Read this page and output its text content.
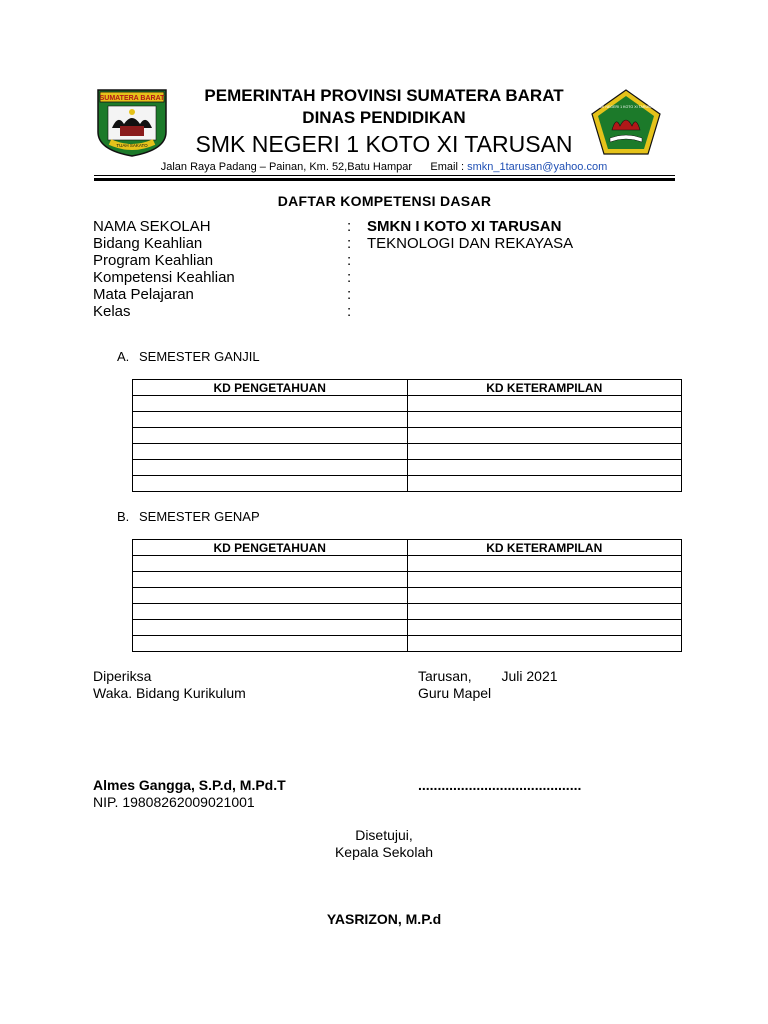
SUMATERA BARAT
TUAH SAKATO
SMK NEGERI 1 KOTO XI TARUSAN
PEMERINTAH PROVINSI SUMATERA BARAT
DINAS PENDIDIKAN
SMK NEGERI 1 KOTO XI TARUSAN
Jalan Raya Padang – Painan, Km. 52,Batu Hampar Email : smkn_1tarusan@yahoo.com
DAFTAR KOMPETENSI DASAR
NAMA SEKOLAH	:	SMKN I KOTO XI TARUSAN
Bidang Keahlian	:	TEKNOLOGI DAN REKAYASA
Program Keahlian	:
Kompetensi Keahlian	:
Mata Pelajaran	:
Kelas	:
A. SEMESTER GANJIL
KD PENGETAHUAN	KD KETERAMPILAN

B. SEMESTER GENAP
KD PENGETAHUAN	KD KETERAMPILAN

Diperiksa
Waka. Bidang Kurikulum
Tarusan, Juli 2021
Guru Mapel
Almes Gangga, S.P.d, M.Pd.T
NIP. 19808262009021001
..........................................
Disetujui,
Kepala Sekolah
YASRIZON, M.P.d
